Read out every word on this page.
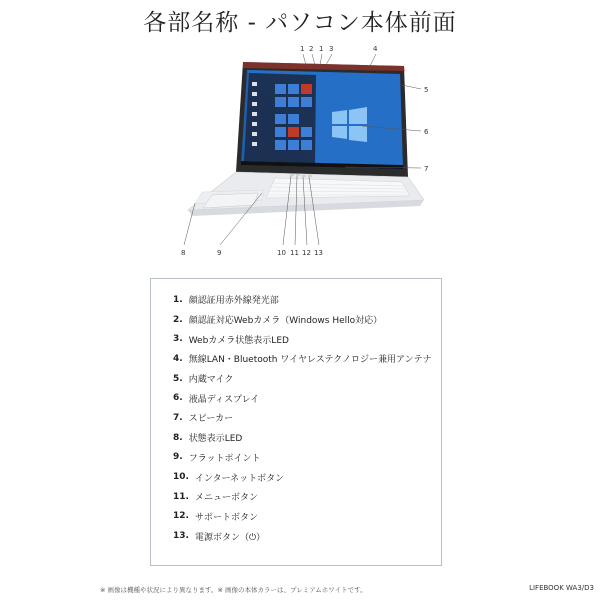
各部名称 - パソコン本体前面
1 2 1 3	4
5
6
7
8	9	10 11 12 13
1. 顔認証用赤外線発光部
2. 顔認証対応Webカメラ（Windows Hello対応）
3. Webカメラ状態表示LED
4. 無線LAN・Bluetooth ワイヤレステクノロジー兼用アンテナ
5. 内蔵マイク
6. 液晶ディスプレイ
7. スピーカー
8. 状態表示LED
9. フラットポイント
10. インターネットボタン
11. メニューボタン
12. サポートボタン
13. 電源ボタン（⏻）
※ 画像は機種や状況により異なります。※ 画像の本体カラーは、プレミアムホワイトです。	LIFEBOOK WA3/D3
